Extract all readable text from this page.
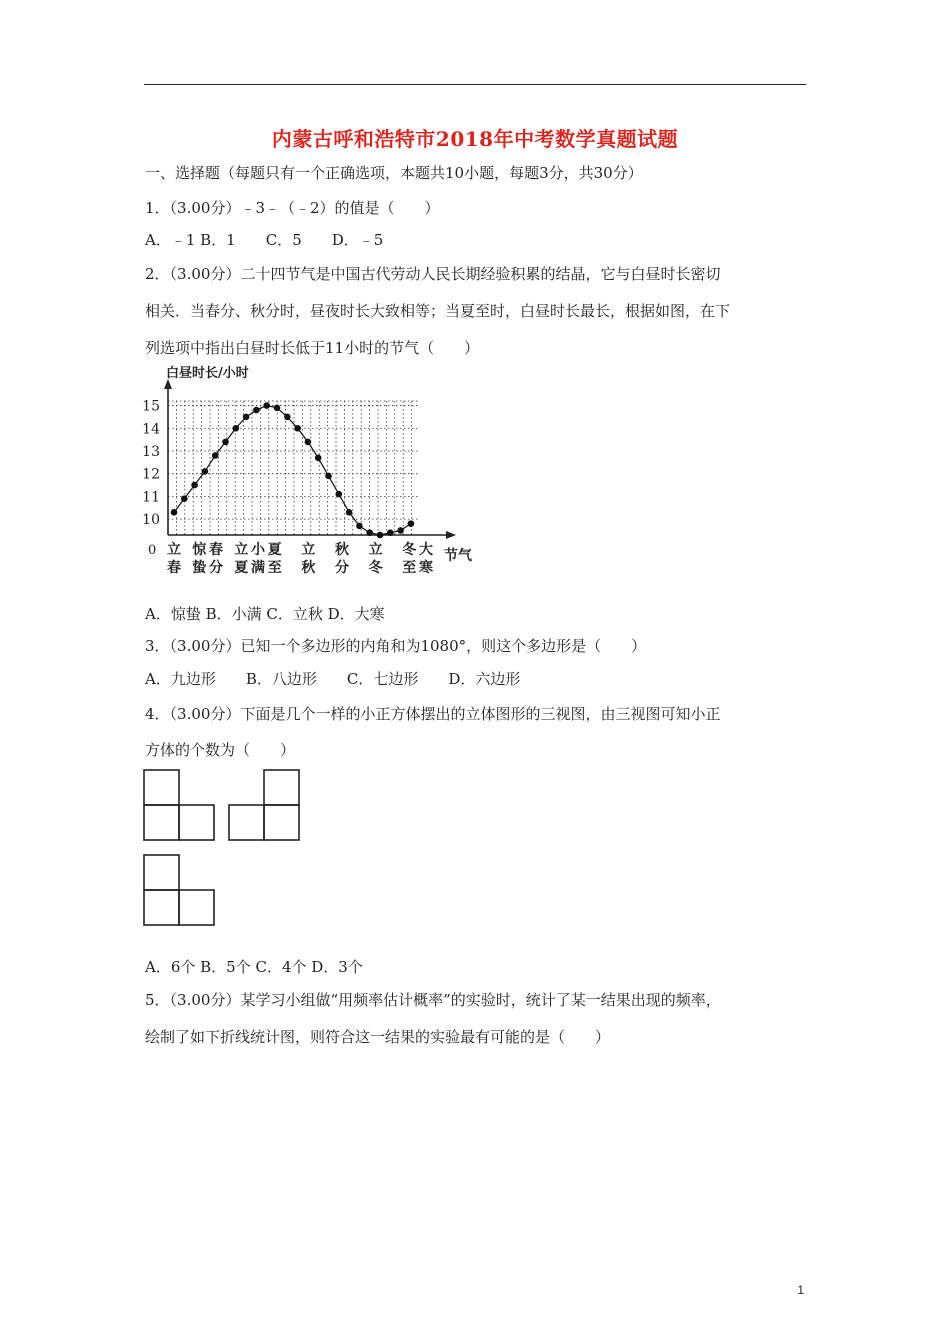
内蒙古呼和浩特市2018年中考数学真题试题
一、选择题（每题只有一个正确选项，本题共10小题，每题3分，共30分）
1．（3.00分）﹣3﹣（﹣2）的值是（　　）
A．﹣1 B．1　　C．5　　D．﹣5
2．（3.00分）二十四节气是中国古代劳动人民长期经验积累的结晶，它与白昼时长密切
相关．当春分、秋分时，昼夜时长大致相等；当夏至时，白昼时长最长，根据如图，在下
列选项中指出白昼时长低于11小时的节气（　　）
白昼时长/小时
节气
0
10
11
12
13
14
15
立
春
惊
蛰
春
分
立
夏
小
满
夏
至
立
秋
秋
分
立
冬
冬
至
大
寒
A．惊蛰 B．小满 C．立秋 D．大寒
3．（3.00分）已知一个多边形的内角和为1080°，则这个多边形是（　　）
A．九边形　　B．八边形　　C．七边形　　D．六边形
4．（3.00分）下面是几个一样的小正方体摆出的立体图形的三视图，由三视图可知小正
方体的个数为（　　）
A．6个 B．5个 C．4个 D．3个
5．（3.00分）某学习小组做“用频率估计概率”的实验时，统计了某一结果出现的频率，
绘制了如下折线统计图，则符合这一结果的实验最有可能的是（　　）
1
